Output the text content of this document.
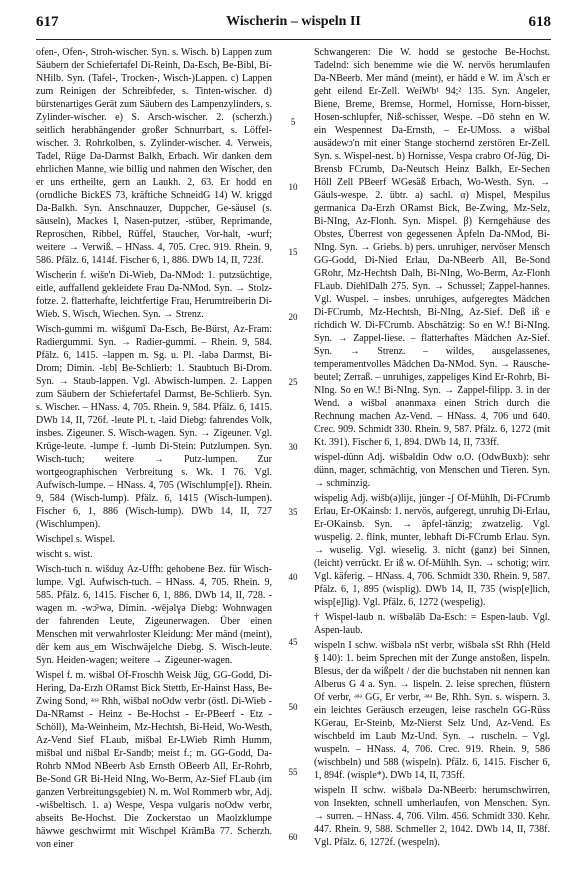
617	Wischerin – wispeln II	618

ofen-, Ofen-, Stroh-wischer. Syn. s. Wisch. b) Lappen zum Säubern der Schiefertafel Di-Reinh, Da-Esch, Be-Bibl, Bi-NHilb. Syn. (Tafel-, Trocken-, Wisch-)Lappen. c) Lappen zum Reinigen der Schreibfeder, s. Tinten-wischer. d) bürstenartiges Gerät zum Säubern des Lampenzylinders, s. Zylinder-wischer. e) S. Arsch-wischer. 2. (scherzh.) seitlich herabhängender großer Schnurrbart, s. Löffel-wischer. 3. Rohrkolben, s. Zylinder-wischer. 4. Verweis, Tadel, Rüge Da-Darmst Balkh, Erbach. Wir danken dem ehrlichen Manne, wie billig und nahmen den Wischer, den er uns ertheilte, gern an Laukh. 2, 63. Er hodd en (orndliche BickES 73, kräftiche SchneidG 14) W. kriggd Da-Balkh. Syn. Anschnauzer, Duppcher, Ge-säusel (s. säuseln), Mackes I, Nasen-putzer, -stüber, Reprimande, Reproschen, Ribbel, Rüffel, Staucher, Vor-halt, -wurf; weitere → Verwiß. – HNass. 4, 705. Crec. 919. Rhein. 9, 586. Pfälz. 6, 1414f. Fischer 6, 1, 886. DWb 14, II, 723f.

Wischerin f. wišɐ'n Di-Wieb, Da-NMod: 1. putzsüchtige, eitle, auffallend gekleidete Frau Da-NMod. Syn. → Stolz-fotze. 2. flatterhafte, leichtfertige Frau, Herumtreiberin Di-Wieb. S. Wisch, Wiechen. Syn. → Strenz.

Wisch-gummi m. wišgumī Da-Esch, Be-Bürst, Az-Fram: Radiergummi. Syn. → Radier-gummi. – Rhein. 9, 584. Pfälz. 6, 1415. –lappen m. Sg. u. Pl. -labə Darmst, Bi-Drom; Dimin. -lɛbḷ Be-Schlierb: 1. Staubtuch Bi-Drom. Syn. → Staub-lappen. Vgl. Abwisch-lumpen. 2. Lappen zum Säubern der Schiefertafel Darmst, Be-Schlierb. Syn. s. Wischer. – HNass. 4, 705. Rhein. 9, 584. Pfälz. 6, 1415. DWb 14, II, 726f. -leute Pl. t. -laid Diebg: fahrendes Volk, insbes. Zigeuner. S. Wisch-wagen. Syn. → Zigeuner. Vgl. Krüge-leute. -lumpe f. -lumb Di-Stein: Putzlumpen. Syn. Wisch-tuch; weitere → Putz-lumpen. Zur wortgeographischen Verbreitung s. Wk. I 76. Vgl. Aufwisch-lumpe. – HNass. 4, 705 (Wischlump[e]). Rhein. 9, 584 (Wisch-lump). Pfälz. 6, 1415 (Wisch-lumpen). Fischer 6, 1, 886 (Wisch-lump). DWb 14, II, 727 (Wischlumpen).

Wischpel s. Wispel.

wischt s. wist.

Wisch-tuch n. wišduχ Az-Uffh: gehobene Bez. für Wisch-lumpe. Vgl. Aufwisch-tuch. – HNass. 4, 705. Rhein. 9, 585. Pfälz. 6, 1415. Fischer 6, 1, 886. DWb 14, II, 728. -wagen m. -wɔ̄ᵊwə, Dimin. -wējəlɣə Diebg: Wohnwagen der fahrenden Leute, Zigeunerwagen. Über einen Menschen mit verwahrloster Kleidung: Mer mänd (meint), dër kem aus_em Wischwäjelche Diebg. S. Wisch-leute. Syn. Heiden-wagen; weitere → Zigeuner-wagen.

Wispel f. m. wišbəl Of-Froschh Weisk Jüg, GG-Godd, Di-Hering, Da-Erzh ORamst Bick Stettb, Er-Hainst Hass, Be-Zwing Sond, ᵊᵃᵊ Rhh, wišbəl noOdw verbr (östl. Di-Wieb - Da-NRamst - Heinz - Be-Hochst - Er-PBeerf - Etz - Schöll), Ma-Weinheim, Mz-Hechtsh, Bi-Heid, Wo-Westh, Az-Vend Sief FLaub, mišbəl Er-LWieb Rimh Humm, mišbəl und nišbəl Er-Sandb; meist f.; m. GG-Godd, Da-Rohrb NMod NBeerb Asb Ernsth OBeerb All, Er-Rohrb, Be-Sond GR Bi-Heid NIng, Wo-Berm, Az-Sief FLaub (im ganzen Verbreitungsgebiet) N. m. Wol Rommerb wbr, Adj. -wišbeltisch. 1. a) Wespe, Vespa vulgaris noOdw verbr, abseits Be-Hochst. Die Zockerstao un Maolzklumpe häwwe geschwirmt mit Wischpel KrämBa 77. Scherzh. von einer

Schwangeren: Die W. hodd se gestoche Be-Hochst. Tadelnd: sich benemme wie die W. nervös herumlaufen Da-NBeerb. Mer mänd (meint), er hädd e W. im Ä'sch er geht eilend Er-Zell. WeiWb¹ 94;² 135. Syn. Angeler, Biene, Breme, Bremse, Hormel, Hornisse, Horn-bisser, Hosen-schlupfer, Niß-schisser, Wespe. –Dǒ stehn en W. ein Wespennest Da-Ernsth, – Er-UMoss. ə wišbəl ausädewɔ'n mit einer Stange stochernd zerstören Er-Zell. Syn. s. Wispel-nest. b) Hornisse, Vespa crabro Of-Jüg, Di-Brensb FCrumb, Da-Neutsch Heinz Balkh, Er-Sechen Höll Zell PBeerf WGesäß Erbach, Wo-Westh. Syn. → Gäuls-wespe. 2. übtr. a) sachl. α) Mispel, Mespilus germanica Da-Erzh ORamst Bick, Be-Zwing, Mz-Selz, Bi-NIng, Az-Flonh. Syn. Mispel. β) Kerngehäuse des Obstes, Überrest von gegessenen Äpfeln Da-NMod, Bi-NIng. Syn. → Griebs. b) pers. unruhiger, nervöser Mensch GG-Godd, Di-Nied Erlau, Da-NBeerb All, Be-Sond GRohr, Mz-Hechtsh Dalh, Bi-NIng, Wo-Berm, Az-Flonh FLaub. DiehlDalh 275. Syn. → Schussel; Zappel-hannes. Vgl. Wuspel. – insbes. unruhiges, aufgeregtes Mädchen Di-FCrumb, Mz-Hechtsh, Bi-NIng, Az-Sief. Deß iß e richdich W. Di-FCrumb. Abschätzig: So en W.! Bi-NIng. Syn. → Zappel-liese. – flatterhaftes Mädchen Az-Sief. Syn. → Strenz. – wildes, ausgelassenes, temperamentvolles Mädchen Da-NMod. Syn. → Rausche-beutel; Zerraß. – unruhiges, zappeliges Kind Er-Rohrb, Bi-NIng. So en W.! Bi-NIng. Syn. → Zappel-filipp. 3. in der Wend. ə wišbəl ənənmaxə einen Strich durch die Rechnung machen Az-Vend. – HNass. 4, 706 und 640. Crec. 909. Schmidt 330. Rhein. 9, 587. Pfälz. 6, 1272 (mit Kt. 391). Fischer 6, 1, 894. DWb 14, II, 733ff.

wispel-dünn Adj. wišbəldin Odw o.O. (OdwBuxb): sehr dünn, mager, schmächtig, von Menschen und Tieren. Syn. → schminzig.

wispelig Adj. wišb(ə)lijɛ, jünger -ʃ Of-Mühlh, Di-FCrumb Erlau, Er-OKainsb: 1. nervös, aufgeregt, unruhig Di-Erlau, Er-OKainsb. Syn. → äpfel-tänzig; zwatzelig. Vgl. wuspelig. 2. flink, munter, lebhaft Di-FCrumb Erlau. Syn. → wuselig. Vgl. wieselig. 3. nicht (ganz) bei Sinnen, (leicht) verrückt. Er iß w. Of-Mühlh. Syn. → schotig; wirr. Vgl. käferig. – HNass. 4, 706. Schmidt 330. Rhein. 9, 587. Pfälz. 6, 1, 895 (wisplig). DWb 14, II, 735 (wisp[e]lich, wisp[e]lig). Vgl. Pfälz. 6, 1272 (wespelig).

† Wispel-laub n. wišbəlāb Da-Esch: = Espen-laub. Vgl. Aspen-laub.

wispeln I schw. wišbələ nSt verbr, wišbələ sSt Rhh (Held § 140): 1. beim Sprechen mit der Zunge anstoßen, lispeln. Blesus, der da wißpelt / der die buchstaben nit nennen kan Alberus G 4 a. Syn. → lispeln. 2. leise sprechen, flüstern Of verbr, ᵊᵃᵊ GG, Er verbr, ᵊᵃᵊ Be, Rhh. Syn. s. wispern. 3. ein leichtes Geräusch erzeugen, leise rascheln GG-Rüss KGerau, Er-Steinb, Mz-Nierst Selz Und, Az-Vend. Es wischbeld im Laub Mz-Und. Syn. → ruscheln. – Vgl. wuspeln. – HNass. 4, 706. Crec. 919. Rhein. 9, 586 (wischbeln) und 588 (wispeln). Pfälz. 6, 1415. Fischer 6, 1, 894f. (wisple*). DWb 14, II, 735ff.

wispeln II schw. wišbələ Da-NBeerb: herumschwirren, von Insekten, schnell umherlaufen, von Menschen. Syn. → surren. – HNass. 4, 706. Vilm. 456. Schmidt 330. Kehr. 447. Rhein. 9, 588. Schmeller 2, 1042. DWb 14, II, 738f. Vgl. Pfälz. 6, 1272f. (wespeln).

5
10
15
20
25
30
35
40
45
50
55
60
